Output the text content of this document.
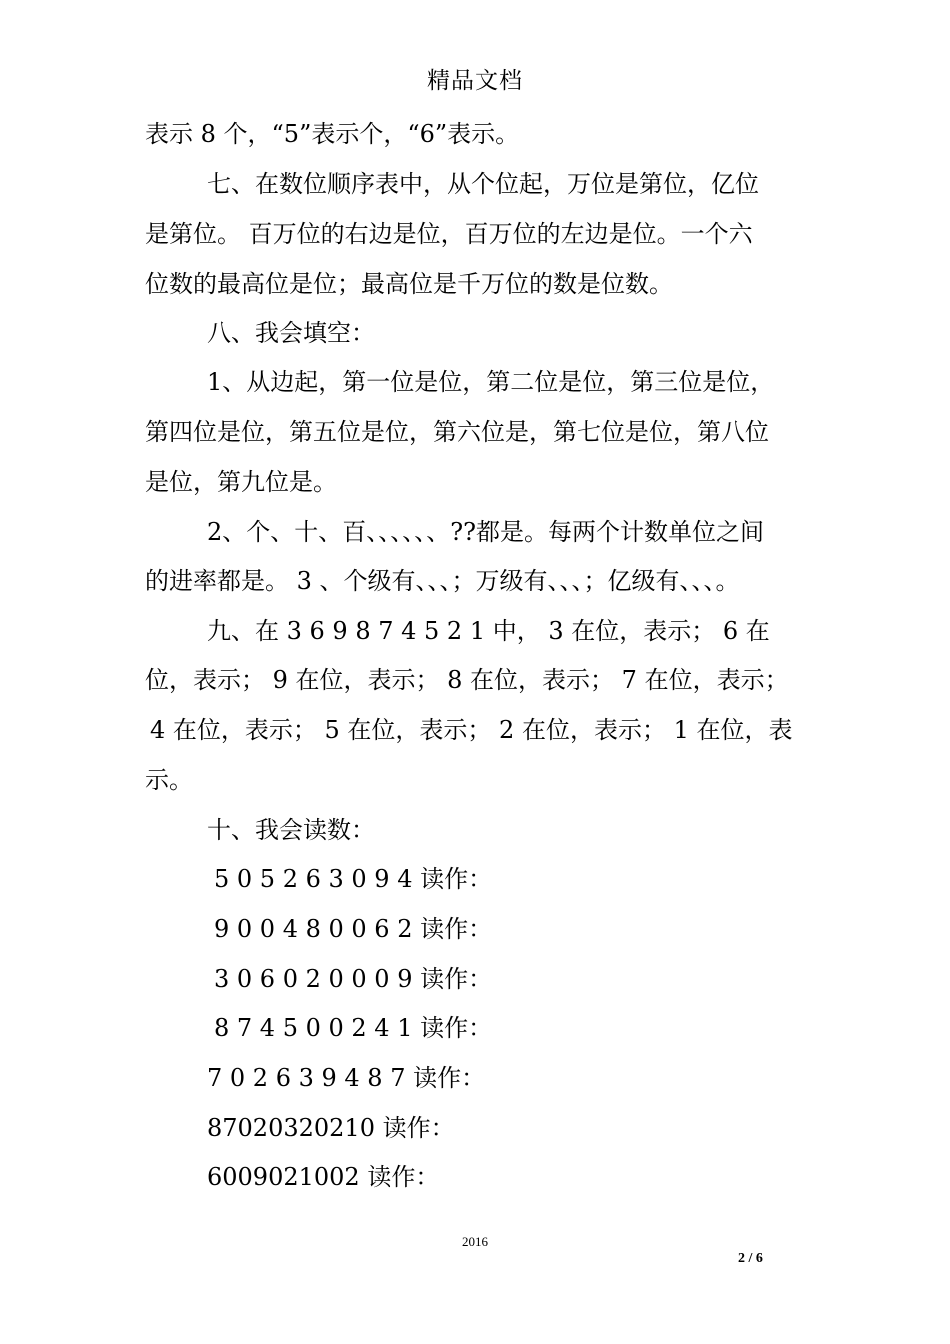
精品文档
表示 8 个，“5”表示个，“6”表示。
七、在数位顺序表中，从个位起，万位是第位，亿位
是第位。 百万位的右边是位，百万位的左边是位。一个六
位数的最高位是位；最高位是千万位的数是位数。
八、我会填空：
1、从边起，第一位是位，第二位是位，第三位是位，
第四位是位，第五位是位，第六位是，第七位是位，第八位
是位，第九位是。
2、个、十、百、、、、、、??都是。每两个计数单位之间
的进率都是。 3 、个级有、、、；万级有、、、；亿级有、、、。
九、在 3 6 9 8 7 4 5 2 1 中， 3 在位，表示； 6 在
位，表示； 9 在位，表示； 8 在位，表示； 7 在位，表示；
4 在位，表示； 5 在位，表示； 2 在位，表示； 1 在位，表
示。
十、我会读数：
5 0 5 2 6 3 0 9 4 读作：
9 0 0 4 8 0 0 6 2 读作：
3 0 6 0 2 0 0 0 9 读作：
8 7 4 5 0 0 2 4 1 读作：
7 0 2 6 3 9 4 8 7 读作：
87020320210 读作：
6009021002 读作：
2016
2 / 6
